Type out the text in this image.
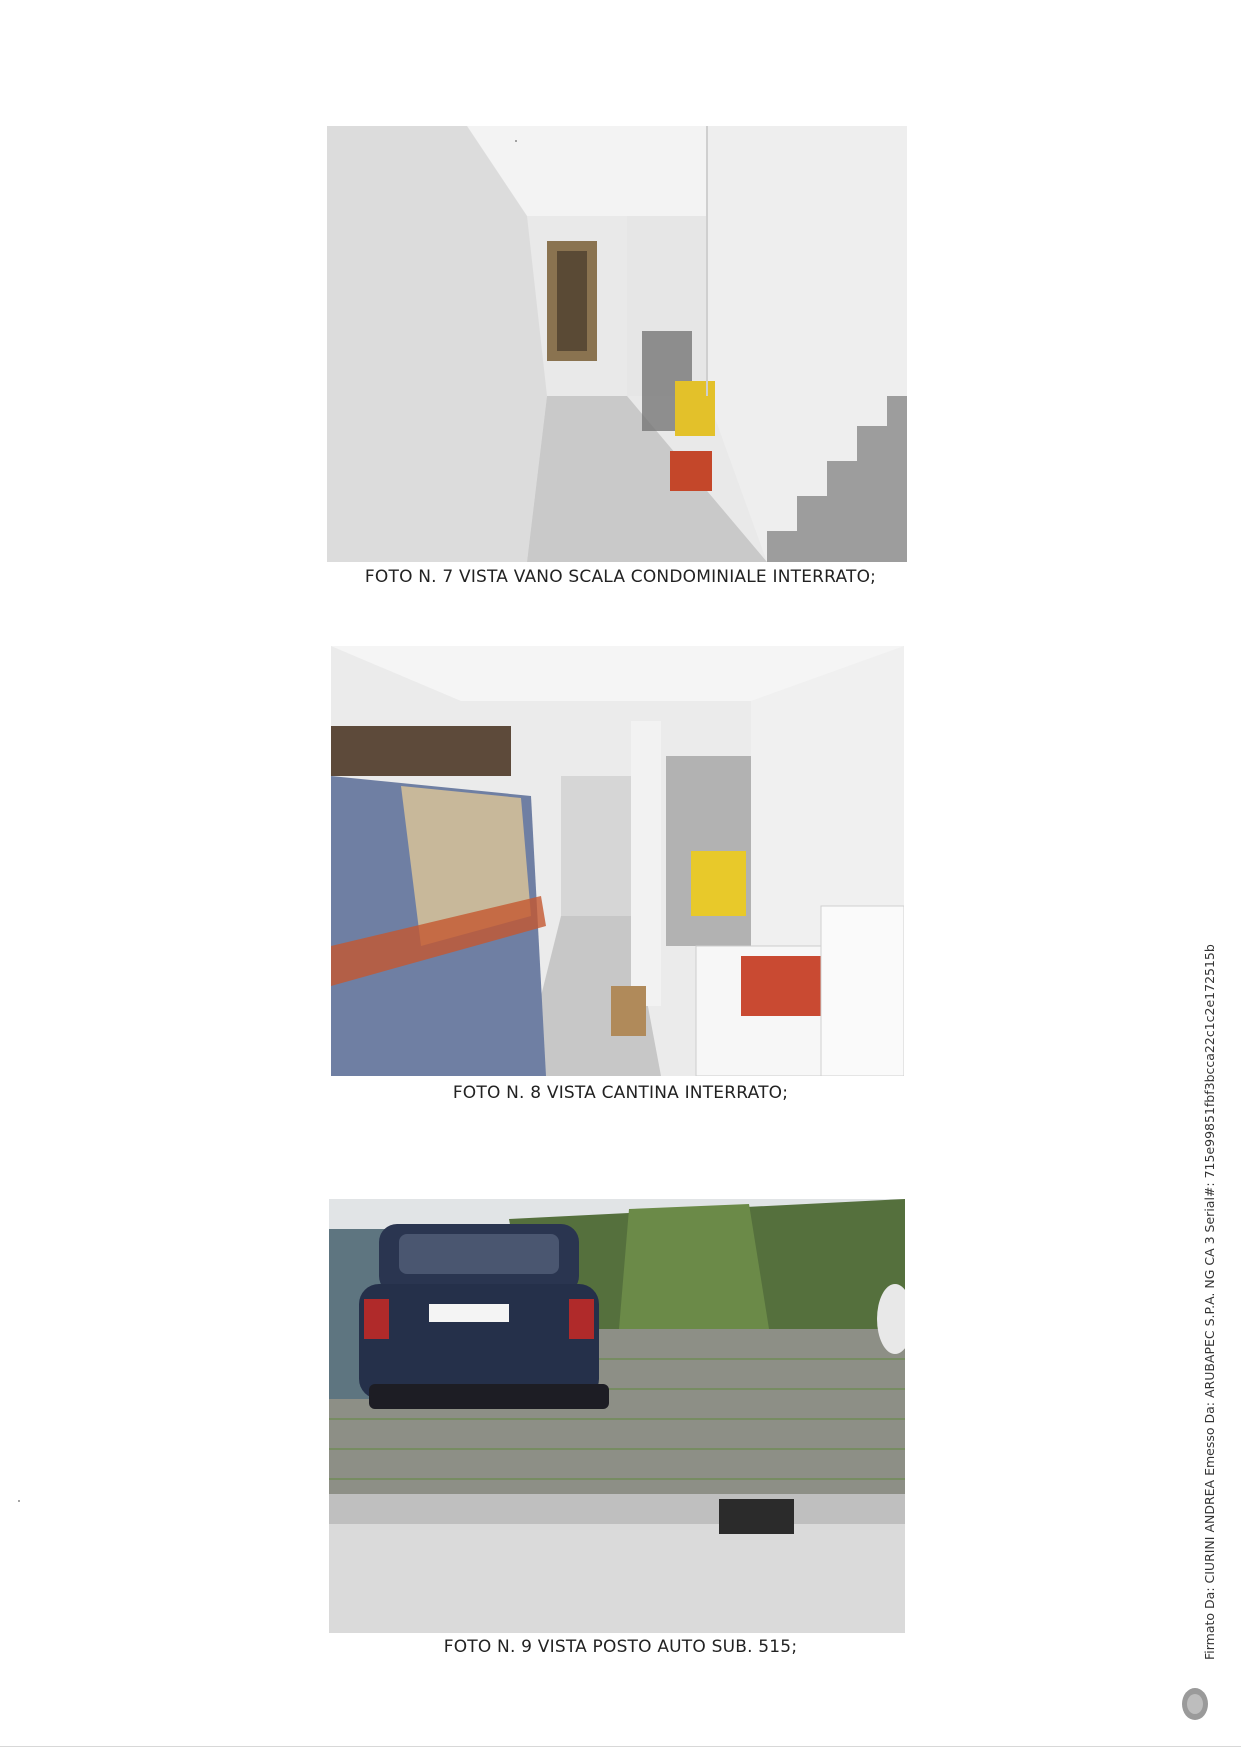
FOTO N. 7 VISTA VANO SCALA CONDOMINIALE INTERRATO;
FOTO N. 8 VISTA CANTINA INTERRATO;
FOTO N. 9 VISTA POSTO AUTO SUB. 515;	Firmato Da: CIURINI ANDREA Emesso Da: ARUBAPEC S.P.A. NG CA 3 Serial#: 715e99851fbf3bcca22c1c2e172515b
